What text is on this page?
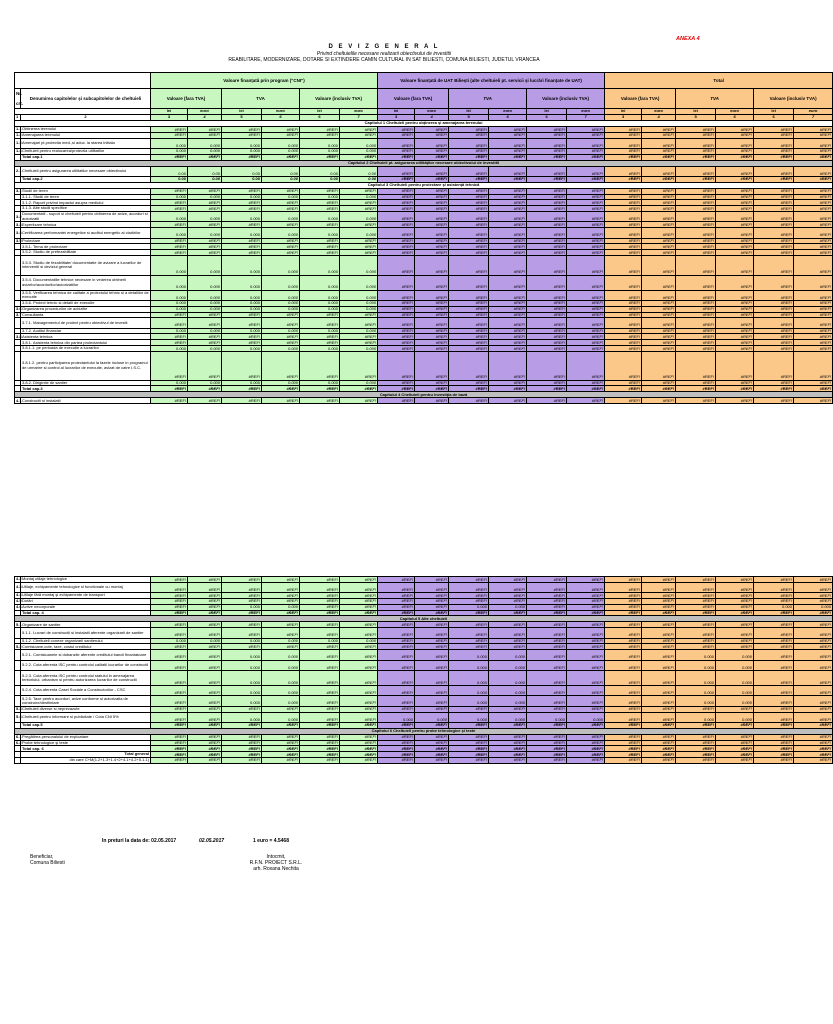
ANEXA 4
D E V I Z G E N E R A L
Privind cheltuielile necesare realizarii obiectivului de investitii
REABILITARE, MODERNIZARE, DOTARE SI EXTINDERE CAMIN CULTURAL IN SAT BILIESTI, COMUNA BILIESTI, JUDETUL VRANCEA
		Valoare finanțată prin program ("CNI")						Valoare finanțată de UAT Biliești (alte cheltuieli pt. servicii și lucrări finanțate de UAT)						Total					
Nr.

crt.	Denumirea capitolelor şi subcapitolelor de cheltuieli	Valoare (fara TVA)		TVA		Valoare (inclusiv TVA)		Valoare (fara TVA)		TVA		Valoare (inclusiv TVA)		Valoare (fara TVA)		TVA		Valoare (inclusiv TVA)	
		lei	euro	lei	euro	lei	euro	lei	euro	lei	euro	lei	euro	lei	euro	lei	euro	lei	euro
1	2	3	4	5	6	6	7	3	4	5	6	6	7	3	4	5	6	6	7
Capitolul 1 Cheltuieli pentru obţinerea şi amenajarea terenului																			
1.1	Obtinerea terenului	#REF!	#REF!	#REF!	#REF!	#REF!	#REF!	#REF!	#REF!	#REF!	#REF!	#REF!	#REF!	#REF!	#REF!	#REF!	#REF!	#REF!	#REF!
1.2	Amenajarea terenului	#REF!	#REF!	#REF!	#REF!	#REF!	#REF!	#REF!	#REF!	#REF!	#REF!	#REF!	#REF!	#REF!	#REF!	#REF!	#REF!	#REF!	#REF!
1.3	Amenajari pt.protectia med.,si aduc. la starea initiala	0.000	0.000	0.000	0.000	0.000	0.000	#REF!	#REF!	#REF!	#REF!	#REF!	#REF!	#REF!	#REF!	#REF!	#REF!	#REF!	#REF!
1.4	Cheltuieli pentru realocarea/protectia utilitatilor	0.000	0.000	0.000	0.000	0.000	0.000	#REF!	#REF!	#REF!	#REF!	#REF!	#REF!	#REF!	#REF!	#REF!	#REF!	#REF!	#REF!
	Total cap.1	#REF!	#REF!	#REF!	#REF!	#REF!	#REF!	#REF!	#REF!	#REF!	#REF!	#REF!	#REF!	#REF!	#REF!	#REF!	#REF!	#REF!	#REF!
Capitolul 2 Cheltuieli pt. asigurarea utilităţilor necesare obiectivului de investitii																			
2.1	Cheltuieli pentru asigurarea utilitatilor necesare obiectivului	0.00	0.00	0.00	0.00	0.00	0.00	#REF!	#REF!	#REF!	#REF!	#REF!	#REF!	#REF!	#REF!	#REF!	#REF!	#REF!	#REF!
	Total cap.2	0.00	0.00	0.00	0.00	0.00	0.00	#REF!	#REF!	#REF!	#REF!	#REF!	#REF!	#REF!	#REF!	#REF!	#REF!	#REF!	#REF!
Capitolul 3 Cheltuieli pentru proiectare şi asistenţă tehnică																			
3.1	Studii de teren	#REF!	#REF!	#REF!	#REF!	#REF!	#REF!	#REF!	#REF!	#REF!	#REF!	#REF!	#REF!	#REF!	#REF!	#REF!	#REF!	#REF!	#REF!
	3.1.1. Studii de teren	0.000	0.000	0.000	0.000	0.000	0.000	#REF!	#REF!	#REF!	#REF!	#REF!	#REF!	#REF!	#REF!	#REF!	#REF!	#REF!	#REF!
	3.1.2. Raport privind impactul asupra mediului	#REF!	#REF!	#REF!	#REF!	#REF!	#REF!	#REF!	#REF!	#REF!	#REF!	#REF!	#REF!	#REF!	#REF!	#REF!	#REF!	#REF!	#REF!
	3.1.3. Alte studii specifice	#REF!	#REF!	#REF!	#REF!	#REF!	#REF!	#REF!	#REF!	#REF!	#REF!	#REF!	#REF!	#REF!	#REF!	#REF!	#REF!	#REF!	#REF!
3.2	Documentatii - suport si cheltuieli pentru obtinerea de avize, acorduri si autorizatii	0.000	0.000	0.000	0.000	0.000	0.000	#REF!	#REF!	#REF!	#REF!	#REF!	#REF!	#REF!	#REF!	#REF!	#REF!	#REF!	#REF!
3.3	Expertizare tehnica	#REF!	#REF!	#REF!	#REF!	#REF!	#REF!	#REF!	#REF!	#REF!	#REF!	#REF!	#REF!	#REF!	#REF!	#REF!	#REF!	#REF!	#REF!
3.4	Certificarea performantei energetice si auditul energetic al cladirilor	0.000	0.000	0.000	0.000	0.000	0.000	#REF!	#REF!	#REF!	#REF!	#REF!	#REF!	#REF!	#REF!	#REF!	#REF!	#REF!	#REF!
3.5	Proiectare	#REF!	#REF!	#REF!	#REF!	#REF!	#REF!	#REF!	#REF!	#REF!	#REF!	#REF!	#REF!	#REF!	#REF!	#REF!	#REF!	#REF!	#REF!
	3.5.1. Tema de proiectare	#REF!	#REF!	#REF!	#REF!	#REF!	#REF!	#REF!	#REF!	#REF!	#REF!	#REF!	#REF!	#REF!	#REF!	#REF!	#REF!	#REF!	#REF!
	3.5.2. Studiu de prefezabilitate	#REF!	#REF!	#REF!	#REF!	#REF!	#REF!	#REF!	#REF!	#REF!	#REF!	#REF!	#REF!	#REF!	#REF!	#REF!	#REF!	#REF!	#REF!
	3.5.3. Studiu de fezabilitate/ documentatie de avizare a lucrarilor de interventii si deviziul general	0.000	0.000	0.000	0.000	0.000	0.000	#REF!	#REF!	#REF!	#REF!	#REF!	#REF!	#REF!	#REF!	#REF!	#REF!	#REF!	#REF!
	3.5.4. Documentatiile tehnice necesare in vederea obtinerii avizelor/acordurilor/autorizatiilor	0.000	0.000	0.000	0.000	0.000	0.000	#REF!	#REF!	#REF!	#REF!	#REF!	#REF!	#REF!	#REF!	#REF!	#REF!	#REF!	#REF!
	3.5.5. Verificarea tehnica de calitate a proiectului tehnic si a detaliilor de executie	0.000	0.000	0.000	0.000	0.000	0.000	#REF!	#REF!	#REF!	#REF!	#REF!	#REF!	#REF!	#REF!	#REF!	#REF!	#REF!	#REF!
	3.5.6. Proiect tehnic si detalii de executie	0.000	0.000	0.000	0.000	0.000	0.000	#REF!	#REF!	#REF!	#REF!	#REF!	#REF!	#REF!	#REF!	#REF!	#REF!	#REF!	#REF!
3.6	Organizarea procedurilor de achizitie	0.000	0.000	0.000	0.000	0.000	0.000	#REF!	#REF!	#REF!	#REF!	#REF!	#REF!	#REF!	#REF!	#REF!	#REF!	#REF!	#REF!
3.7	Consultanta	#REF!	#REF!	#REF!	#REF!	#REF!	#REF!	#REF!	#REF!	#REF!	#REF!	#REF!	#REF!	#REF!	#REF!	#REF!	#REF!	#REF!	#REF!
	3.7.1. Managementul de proiect pentru obiectivul de investii	#REF!	#REF!	#REF!	#REF!	#REF!	#REF!	#REF!	#REF!	#REF!	#REF!	#REF!	#REF!	#REF!	#REF!	#REF!	#REF!	#REF!	#REF!
	3.7.2. Auditul financiar	0.000	0.000	0.000	0.000	0.000	0.000	#REF!	#REF!	#REF!	#REF!	#REF!	#REF!	#REF!	#REF!	#REF!	#REF!	#REF!	#REF!
3.8	Asistenta tehnica	#REF!	#REF!	#REF!	#REF!	#REF!	#REF!	#REF!	#REF!	#REF!	#REF!	#REF!	#REF!	#REF!	#REF!	#REF!	#REF!	#REF!	#REF!
	3.8.1. Asistenta tehnica din partea proiectantului	#REF!	#REF!	#REF!	#REF!	#REF!	#REF!	#REF!	#REF!	#REF!	#REF!	#REF!	#REF!	#REF!	#REF!	#REF!	#REF!	#REF!	#REF!
	3.8.1.1. pe perioada de executie a lucrarilor	0.000	0.000	0.000	0.000	0.000	0.000	#REF!	#REF!	#REF!	#REF!	#REF!	#REF!	#REF!	#REF!	#REF!	#REF!	#REF!	#REF!
	3.8.1.2. pentru participarea proiectantului la fazele incluse in programul de urmarire si control al lucrarilor de executie, avizat de catre I.S.C.	#REF!	#REF!	#REF!	#REF!	#REF!	#REF!	#REF!	#REF!	#REF!	#REF!	#REF!	#REF!	#REF!	#REF!	#REF!	#REF!	#REF!	#REF!
	3.8.2. Dirigintie de santier	0.000	0.000	0.000	0.000	0.000	0.000	#REF!	#REF!	#REF!	#REF!	#REF!	#REF!	#REF!	#REF!	#REF!	#REF!	#REF!	#REF!
	Total cap.3	#REF!	#REF!	#REF!	#REF!	#REF!	#REF!	#REF!	#REF!	#REF!	#REF!	#REF!	#REF!	#REF!	#REF!	#REF!	#REF!	#REF!	#REF!
Capitolul 4 Cheltuieli pentru investiţia de bază																			
4.1	Constructii si instalatii	#REF!	#REF!	#REF!	#REF!	#REF!	#REF!	#REF!	#REF!	#REF!	#REF!	#REF!	#REF!	#REF!	#REF!	#REF!	#REF!	#REF!	#REF!
4.2	Montaj utilaje tehnologice	#REF!	#REF!	#REF!	#REF!	#REF!	#REF!	#REF!	#REF!	#REF!	#REF!	#REF!	#REF!	#REF!	#REF!	#REF!	#REF!	#REF!	#REF!
4.3	Utilaje, echipamente tehnologice si functionale cu montaj	#REF!	#REF!	#REF!	#REF!	#REF!	#REF!	#REF!	#REF!	#REF!	#REF!	#REF!	#REF!	#REF!	#REF!	#REF!	#REF!	#REF!	#REF!
4.4	Utilaje fără montaj şi echipamente de transport	#REF!	#REF!	#REF!	#REF!	#REF!	#REF!	#REF!	#REF!	#REF!	#REF!	#REF!	#REF!	#REF!	#REF!	#REF!	#REF!	#REF!	#REF!
4.5	Dotări	#REF!	#REF!	#REF!	#REF!	#REF!	#REF!	#REF!	#REF!	#REF!	#REF!	#REF!	#REF!	#REF!	#REF!	#REF!	#REF!	#REF!	#REF!
4.6	Active necorporale	#REF!	#REF!	0.000	0.000	#REF!	#REF!	#REF!	#REF!	0.000	0.000	#REF!	#REF!	#REF!	#REF!	#REF!	#REF!	0.000	0.000
	Total cap. 4	#REF!	#REF!	#REF!	#REF!	#REF!	#REF!	#REF!	#REF!	#REF!	#REF!	#REF!	#REF!	#REF!	#REF!	#REF!	#REF!	#REF!	#REF!
Capitolul 5 Alte cheltuieli																			
5.1	Organizare de santier	#REF!	#REF!	#REF!	#REF!	#REF!	#REF!	#REF!	#REF!	#REF!	#REF!	#REF!	#REF!	#REF!	#REF!	#REF!	#REF!	#REF!	#REF!
	5.1.1. Lucrari de constructii si instalatii aferente organizarii de santier	#REF!	#REF!	#REF!	#REF!	#REF!	#REF!	#REF!	#REF!	#REF!	#REF!	#REF!	#REF!	#REF!	#REF!	#REF!	#REF!	#REF!	#REF!
	5.1.2. Cheltuieli conexe organizarii santierului	0.000	0.000	0.000	0.000	0.000	0.000	#REF!	#REF!	#REF!	#REF!	#REF!	#REF!	#REF!	#REF!	#REF!	#REF!	#REF!	#REF!
5.2	Comisioane,cote, taxe, costul creditului	#REF!	#REF!	#REF!	#REF!	#REF!	#REF!	#REF!	#REF!	#REF!	#REF!	#REF!	#REF!	#REF!	#REF!	#REF!	#REF!	#REF!	#REF!
	5.2.1. Comisioanele si dobanzile aferente creditului bancii finantatoare	#REF!	#REF!	0.000	0.000	#REF!	#REF!	#REF!	#REF!	0.000	0.000	#REF!	#REF!	#REF!	#REF!	0.000	0.000	#REF!	#REF!
	5.2.2. Cota aferenta ISC pentru controlul calitatii lucrarilor de constructii	#REF!	#REF!	0.000	0.000	#REF!	#REF!	#REF!	#REF!	0.000	0.000	#REF!	#REF!	#REF!	#REF!	0.000	0.000	#REF!	#REF!
	5.2.3. Cota aferenta ISC pentru controlul statului in amenajarea teritoriului, urbanism si pentru autorizarea lucrarilor de constructii	#REF!	#REF!	0.000	0.000	#REF!	#REF!	#REF!	#REF!	0.000	0.000	#REF!	#REF!	#REF!	#REF!	0.000	0.000	#REF!	#REF!
	5.2.4. Cota aferenta Casei Sociale a Constructorilor - CSC	#REF!	#REF!	0.000	0.000	#REF!	#REF!	#REF!	#REF!	0.000	0.000	#REF!	#REF!	#REF!	#REF!	0.000	0.000	#REF!	#REF!
	5.2.5. Taxe pentru acorduri, avize conforme si autorizatia de construire/desfiintare	#REF!	#REF!	0.000	0.000	#REF!	#REF!	#REF!	#REF!	0.000	0.000	#REF!	#REF!	#REF!	#REF!	0.000	0.000	#REF!	#REF!
5.3	Cheltuieli diverse si neprevazute	#REF!	#REF!	#REF!	#REF!	#REF!	#REF!	#REF!	#REF!	#REF!	#REF!	#REF!	#REF!	#REF!	#REF!	#REF!	#REF!	#REF!	#REF!
5.4	Cheltuieli pentru informare si publicitate / Cota CNI 5%	#REF!	#REF!	0.000	0.000	#REF!	#REF!	0.000	0.000	0.000	0.000	0.000	0.000	#REF!	#REF!	0.000	0.000	#REF!	#REF!
	Total cap.5	#REF!	#REF!	#REF!	#REF!	#REF!	#REF!	#REF!	#REF!	#REF!	#REF!	#REF!	#REF!	#REF!	#REF!	#REF!	#REF!	#REF!	#REF!
Capitolul 6 Cheltuieli pentru probe tehnologice şi teste																			
6.1	Pregătirea personalului de exploatare	#REF!	#REF!	#REF!	#REF!	#REF!	#REF!	#REF!	#REF!	#REF!	#REF!	#REF!	#REF!	#REF!	#REF!	#REF!	#REF!	#REF!	#REF!
6.2	Probe tehnologice şi teste	#REF!	#REF!	#REF!	#REF!	#REF!	#REF!	#REF!	#REF!	#REF!	#REF!	#REF!	#REF!	#REF!	#REF!	#REF!	#REF!	#REF!	#REF!
	Total cap. 6	#REF!	#REF!	#REF!	#REF!	#REF!	#REF!	#REF!	#REF!	#REF!	#REF!	#REF!	#REF!	#REF!	#REF!	#REF!	#REF!	#REF!	#REF!
	Total general	#REF!	#REF!	#REF!	#REF!	#REF!	#REF!	#REF!	#REF!	#REF!	#REF!	#REF!	#REF!	#REF!	#REF!	#REF!	#REF!	#REF!	#REF!
	din care C+M(1.2+1.3+1.4+2+4.1+4.2+5.1.1)	#REF!	#REF!	#REF!	#REF!	#REF!	#REF!	#REF!	#REF!	#REF!	#REF!	#REF!	#REF!	#REF!	#REF!	#REF!	#REF!	#REF!	#REF!
In preturi la data de: 02.05.2017	02.05.2017	1 euro = 4.5468
Beneficiar,
Comuna Biliesti
Intocmit,
R.F.N. PROIECT S.R.L.
arh. Roxana Nechita
